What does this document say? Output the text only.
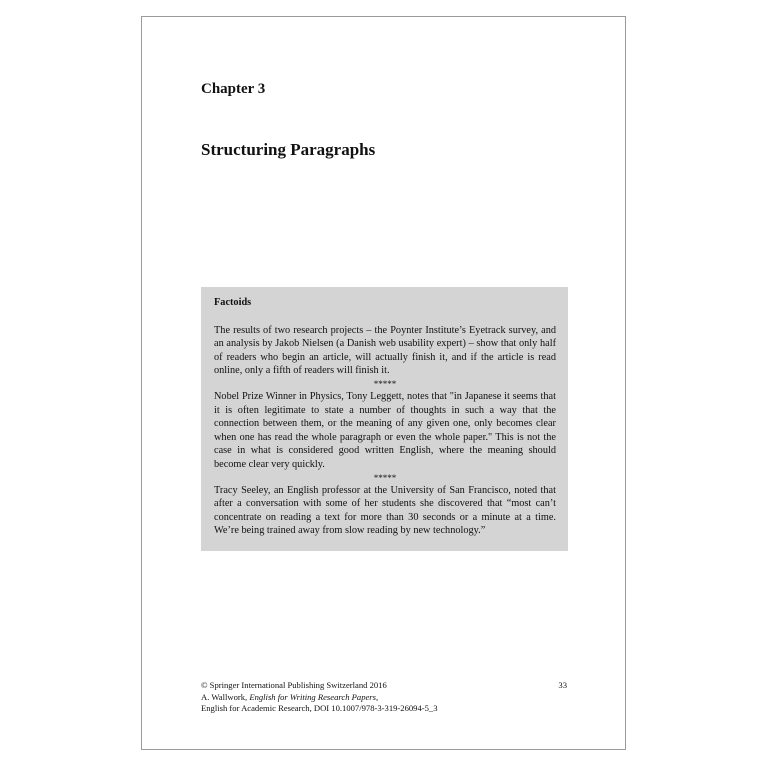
Chapter 3
Structuring Paragraphs
Factoids

The results of two research projects – the Poynter Institute’s Eyetrack survey, and an analysis by Jakob Nielsen (a Danish web usability expert) – show that only half of readers who begin an article, will actually finish it, and if the article is read online, only a fifth of readers will finish it.

*****

Nobel Prize Winner in Physics, Tony Leggett, notes that "in Japanese it seems that it is often legitimate to state a number of thoughts in such a way that the connection between them, or the meaning of any given one, only becomes clear when one has read the whole paragraph or even the whole paper." This is not the case in what is considered good written English, where the meaning should become clear very quickly.

*****

Tracy Seeley, an English professor at the University of San Francisco, noted that after a conversation with some of her students she discovered that “most can’t concentrate on reading a text for more than 30 seconds or a minute at a time. We’re being trained away from slow reading by new technology.”

© Springer International Publishing Switzerland 2016
A. Wallwork, English for Writing Research Papers,
English for Academic Research, DOI 10.1007/978-3-319-26094-5_3
33
